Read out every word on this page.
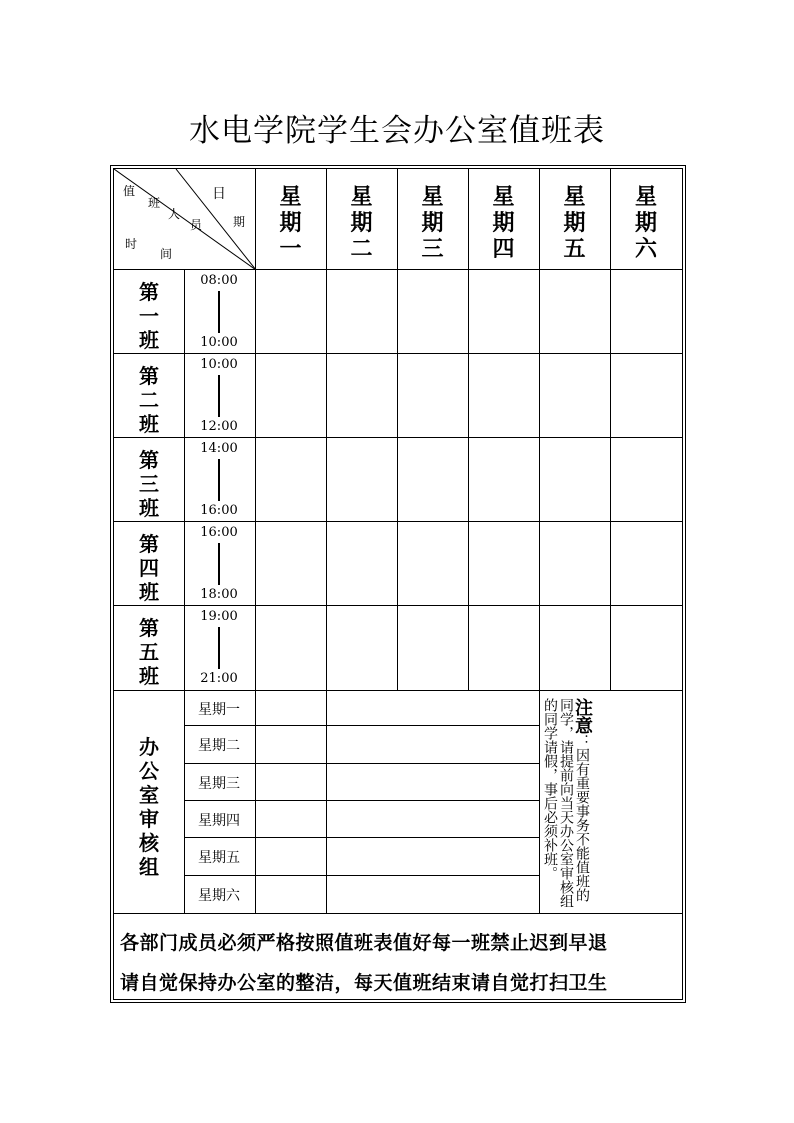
水电学院学生会办公室值班表
值
班
人
员
日
期
时
间
星期一
星期二
星期三
星期四
星期五
星期六
第一班
08:00
10:00
第二班
10:00
12:00
第三班
14:00
16:00
第四班
16:00
18:00
第五班
19:00
21:00
办公室审核组
星期一
星期二
星期三
星期四
星期五
星期六
注意：因有重要事务不能值班的同学，请提前向当天办公室审核组的同学请假，事后必须补班。
各部门成员必须严格按照值班表值好每一班禁止迟到早退
请自觉保持办公室的整洁，每天值班结束请自觉打扫卫生
